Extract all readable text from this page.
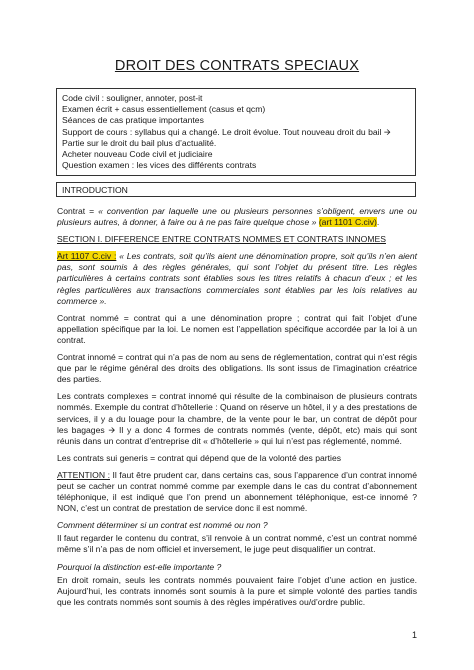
DROIT DES CONTRATS SPECIAUX
Code civil : souligner, annoter, post-it
Examen écrit + casus essentiellement (casus et qcm)
Séances de cas pratique importantes
Support de cours : syllabus qui a changé. Le droit évolue. Tout nouveau droit du bail 🡪 Partie sur le droit du bail plus d’actualité.
Acheter nouveau Code civil et judiciaire
Question examen : les vices des différents contrats
INTRODUCTION

Contrat = « convention par laquelle une ou plusieurs personnes s’obligent, envers une ou plusieurs autres, à donner, à faire ou à ne pas faire quelque chose » (art 1101 C.civ).

SECTION I. DIFFERENCE ENTRE CONTRATS NOMMES ET CONTRATS INNOMES

Art 1107 C.civ : « Les contrats, soit qu’ils aient une dénomination propre, soit qu’ils n’en aient pas, sont soumis à des règles générales, qui sont l’objet du présent titre. Les règles particulières à certains contrats sont établies sous les titres relatifs à chacun d’eux ; et les règles particulières aux transactions commerciales sont établies par les lois relatives au commerce ».

Contrat nommé = contrat qui a une dénomination propre ; contrat qui fait l’objet d’une appellation spécifique par la loi. Le nomen est l’appellation spécifique accordée par la loi à un contrat.

Contrat innomé = contrat qui n’a pas de nom au sens de réglementation, contrat qui n’est régis que par le régime général des droits des obligations. Ils sont issus de l’imagination créatrice des parties.

Les contrats complexes = contrat innomé qui résulte de la combinaison de plusieurs contrats nommés. Exemple du contrat d’hôtellerie : Quand on réserve un hôtel, il y a des prestations de services, il y a du louage pour la chambre, de la vente pour le bar, un contrat de dépôt pour les bagages 🡪 Il y a donc 4 formes de contrats nommés (vente, dépôt, etc) mais qui sont réunis dans un contrat d’entreprise dit « d’hôtellerie » qui lui n’est pas réglementé, nommé.

Les contrats sui generis = contrat qui dépend que de la volonté des parties

ATTENTION : Il faut être prudent car, dans certains cas, sous l’apparence d’un contrat innomé peut se cacher un contrat nommé comme par exemple dans le cas du contrat d’abonnement téléphonique, il est indiqué que l’on prend un abonnement téléphonique, est-ce innomé ? NON, c’est un contrat de prestation de service donc il est nommé.

Comment déterminer si un contrat est nommé ou non ?

Il faut regarder le contenu du contrat, s’il renvoie à un contrat nommé, c’est un contrat nommé même s’il n’a pas de nom officiel et inversement, le juge peut disqualifier un contrat.

Pourquoi la distinction est-elle importante ?

En droit romain, seuls les contrats nommés pouvaient faire l’objet d’une action en justice. Aujourd’hui, les contrats innomés sont soumis à la pure et simple volonté des parties tandis que les contrats nommés sont soumis à des règles impératives ou/d’ordre public.

1
